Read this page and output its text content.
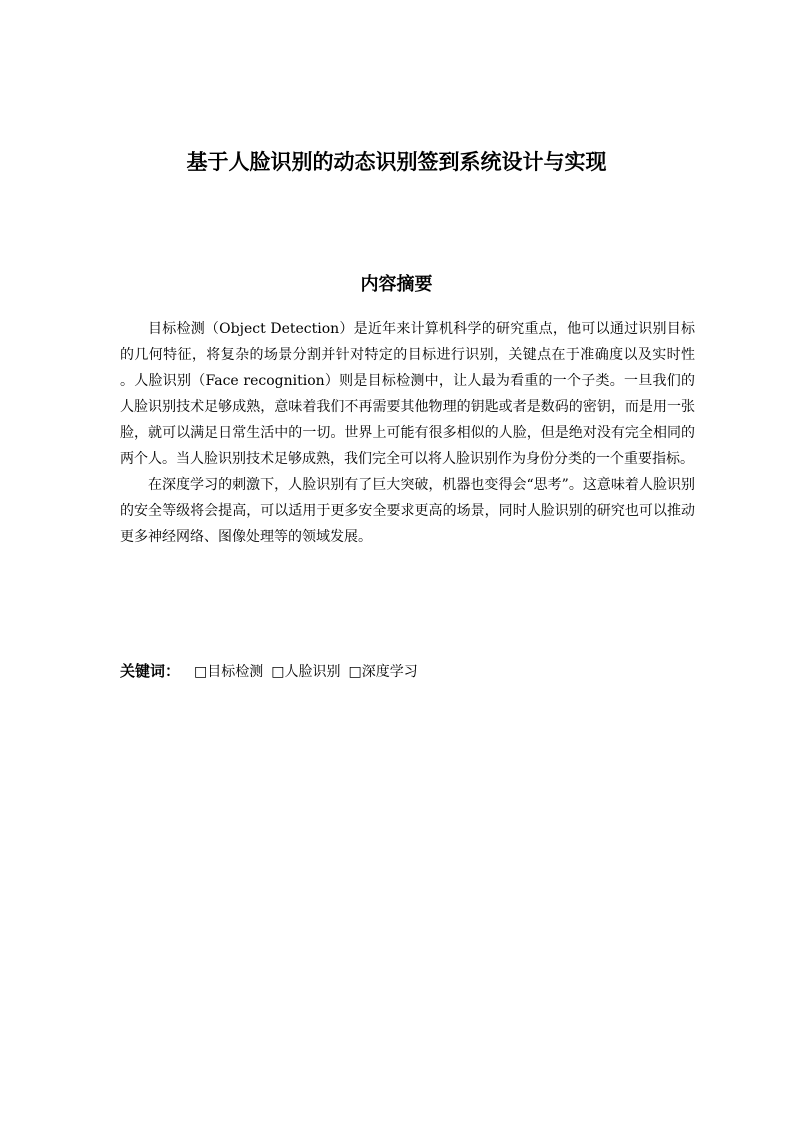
基于人脸识别的动态识别签到系统设计与实现
内容摘要

目标检测（Object Detection）是近年来计算机科学的研究重点，他可以通过识别目标的几何特征，将复杂的场景分割并针对特定的目标进行识别，关键点在于准确度以及实时性 。人脸识别（Face recognition）则是目标检测中，让人最为看重的一个子类。一旦我们的人脸识别技术足够成熟，意味着我们不再需要其他物理的钥匙或者是数码的密钥，而是用一张脸，就可以满足日常生活中的一切。世界上可能有很多相似的人脸，但是绝对没有完全相同的两个人。当人脸识别技术足够成熟，我们完全可以将人脸识别作为身份分类的一个重要指标。

在深度学习的刺激下，人脸识别有了巨大突破，机器也变得会“思考”。这意味着人脸识别的安全等级将会提高，可以适用于更多安全要求更高的场景，同时人脸识别的研究也可以推动更多神经网络、图像处理等的领域发展。

关键词： □目标检测 □人脸识别 □深度学习
